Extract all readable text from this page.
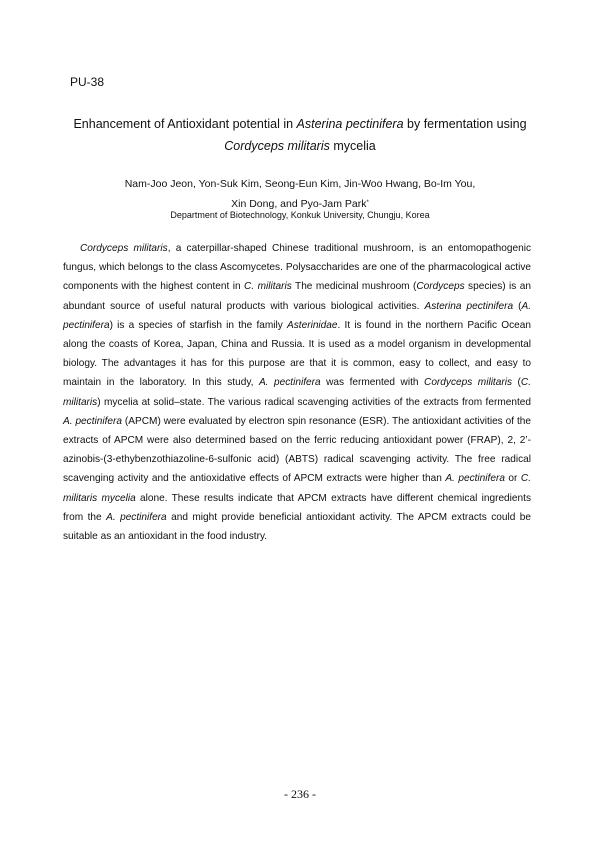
PU-38
Enhancement of Antioxidant potential in Asterina pectinifera by fermentation using
Cordyceps militaris mycelia
Nam-Joo Jeon, Yon-Suk Kim, Seong-Eun Kim, Jin-Woo Hwang, Bo-Im You,
Xin Dong, and Pyo-Jam Park*
Department of Biotechnology, Konkuk University, Chungju, Korea
Cordyceps militaris, a caterpillar-shaped Chinese traditional mushroom, is an entomopathogenic fungus, which belongs to the class Ascomycetes. Polysaccharides are one of the pharmacological active components with the highest content in C. militaris The medicinal mushroom (Cordyceps species) is an abundant source of useful natural products with various biological activities. Asterina pectinifera (A. pectinifera) is a species of starfish in the family Asterinidae. It is found in the northern Pacific Ocean along the coasts of Korea, Japan, China and Russia. It is used as a model organism in developmental biology. The advantages it has for this purpose are that it is common, easy to collect, and easy to maintain in the laboratory. In this study, A. pectinifera was fermented with Cordyceps militaris (C. militaris) mycelia at solid–state. The various radical scavenging activities of the extracts from fermented A. pectinifera (APCM) were evaluated by electron spin resonance (ESR). The antioxidant activities of the extracts of APCM were also determined based on the ferric reducing antioxidant power (FRAP), 2, 2’-azinobis-(3-ethybenzothiazoline-6-sulfonic acid) (ABTS) radical scavenging activity. The free radical scavenging activity and the antioxidative effects of APCM extracts were higher than A. pectinifera or C. militaris mycelia alone. These results indicate that APCM extracts have different chemical ingredients from the A. pectinifera and might provide beneficial antioxidant activity. The APCM extracts could be suitable as an antioxidant in the food industry.
- 236 -
